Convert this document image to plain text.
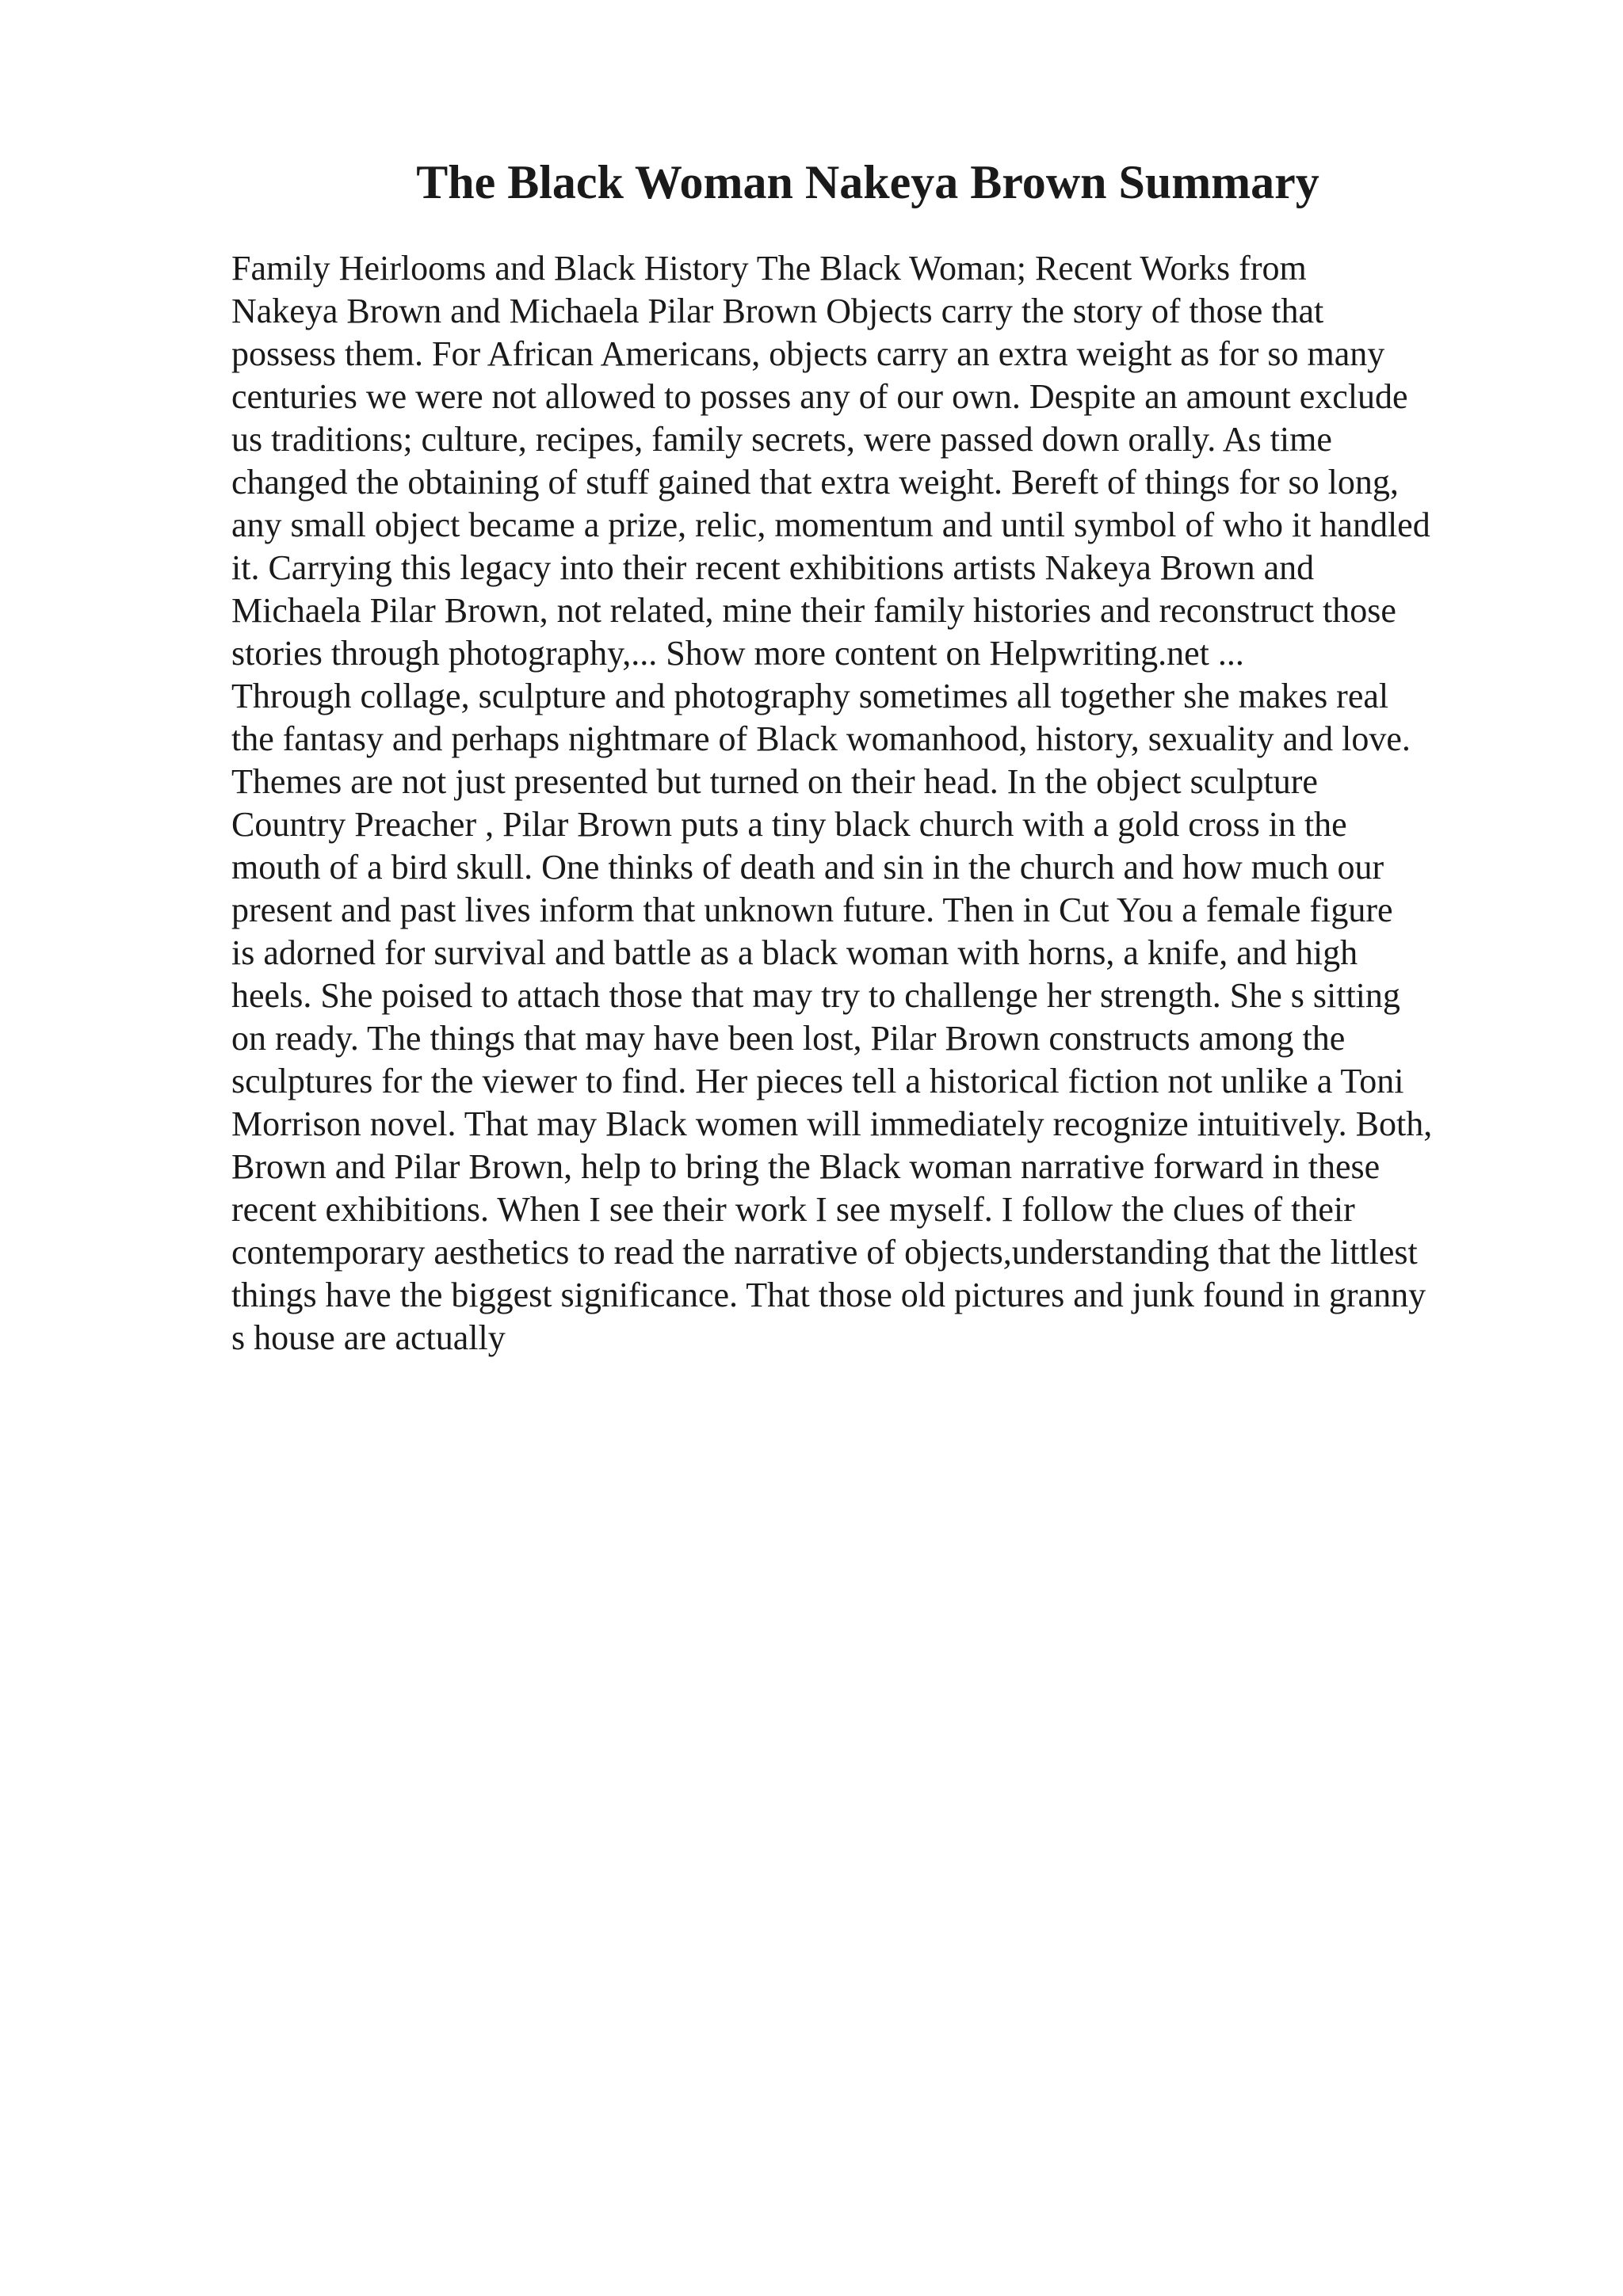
The Black Woman Nakeya Brown Summary
Family Heirlooms and Black History The Black Woman; Recent Works from
Nakeya Brown and Michaela Pilar Brown Objects carry the story of those that
possess them. For African Americans, objects carry an extra weight as for so many
centuries we were not allowed to posses any of our own. Despite an amount exclude
us traditions; culture, recipes, family secrets, were passed down orally. As time
changed the obtaining of stuff gained that extra weight. Bereft of things for so long,
any small object became a prize, relic, momentum and until symbol of who it handled
it. Carrying this legacy into their recent exhibitions artists Nakeya Brown and
Michaela Pilar Brown, not related, mine their family histories and reconstruct those
stories through photography,... Show more content on Helpwriting.net ...
Through collage, sculpture and photography sometimes all together she makes real
the fantasy and perhaps nightmare of Black womanhood, history, sexuality and love.
Themes are not just presented but turned on their head. In the object sculpture
Country Preacher , Pilar Brown puts a tiny black church with a gold cross in the
mouth of a bird skull. One thinks of death and sin in the church and how much our
present and past lives inform that unknown future. Then in Cut You a female figure
is adorned for survival and battle as a black woman with horns, a knife, and high
heels. She poised to attach those that may try to challenge her strength. She s sitting
on ready. The things that may have been lost, Pilar Brown constructs among the
sculptures for the viewer to find. Her pieces tell a historical fiction not unlike a Toni
Morrison novel. That may Black women will immediately recognize intuitively. Both,
Brown and Pilar Brown, help to bring the Black woman narrative forward in these
recent exhibitions. When I see their work I see myself. I follow the clues of their
contemporary aesthetics to read the narrative of objects,understanding that the littlest
things have the biggest significance. That those old pictures and junk found in granny
s house are actually
